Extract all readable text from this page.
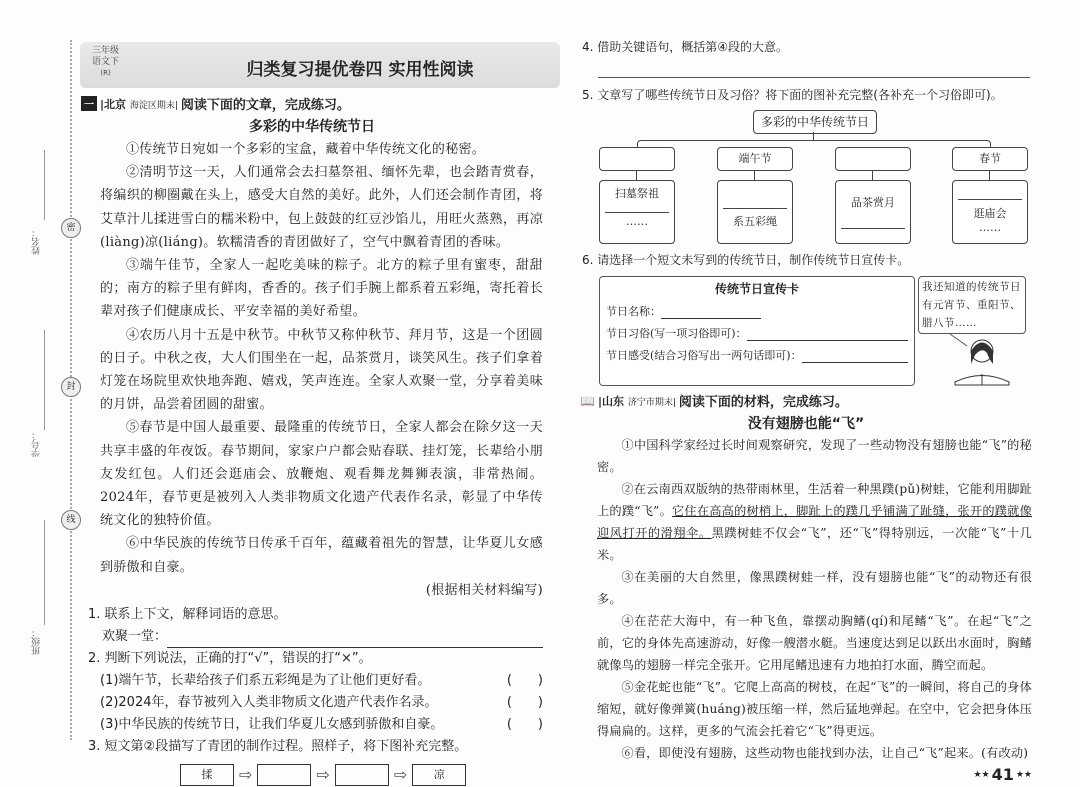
密
封
线
姓名：
学号：
班级：
三年级
语文下
(R)	归类复习提优卷四 实用性阅读
一 |北京 海淀区期末| 阅读下面的文章，完成练习。
多彩的中华传统节日

①传统节日宛如一个多彩的宝盒，藏着中华传统文化的秘密。

②清明节这一天，人们通常会去扫墓祭祖、缅怀先辈，也会踏青赏春，将编织的柳圈戴在头上，感受大自然的美好。此外，人们还会制作青团，将艾草汁儿揉进雪白的糯米粉中，包上鼓鼓的红豆沙馅儿，用旺火蒸熟，再凉(liàng)凉(liáng)。软糯清香的青团做好了，空气中飘着青团的香味。

③端午佳节，全家人一起吃美味的粽子。北方的粽子里有蜜枣，甜甜的；南方的粽子里有鲜肉，香香的。孩子们手腕上都系着五彩绳，寄托着长辈对孩子们健康成长、平安幸福的美好希望。

④农历八月十五是中秋节。中秋节又称仲秋节、拜月节，这是一个团圆的日子。中秋之夜，大人们围坐在一起，品茶赏月，谈笑风生。孩子们拿着灯笼在场院里欢快地奔跑、嬉戏，笑声连连。全家人欢聚一堂，分享着美味的月饼，品尝着团圆的甜蜜。

⑤春节是中国人最重要、最隆重的传统节日，全家人都会在除夕这一天共享丰盛的年夜饭。春节期间，家家户户都会贴春联、挂灯笼，长辈给小朋友发红包。人们还会逛庙会、放鞭炮、观看舞龙舞狮表演，非常热闹。2024年，春节更是被列入人类非物质文化遗产代表作名录，彰显了中华传统文化的独特价值。

⑥中华民族的传统节日传承千百年，蕴藏着祖先的智慧，让华夏儿女感到骄傲和自豪。

(根据相关材料编写)
1. 联系上下文，解释词语的意思。
欢聚一堂：
2. 判断下列说法，正确的打“√”，错误的打“×”。
(1)端午节，长辈给孩子们系五彩绳是为了让他们更好看。	(　　)
(2)2024年，春节被列入人类非物质文化遗产代表作名录。	(　　)
(3)中华民族的传统节日，让我们华夏儿女感到骄傲和自豪。	(　　)
3. 短文第②段描写了青团的制作过程。照样子，将下图补充完整。
揉 ⇨	⇨	⇨ 凉
4. 借助关键语句，概括第④段的大意。
5. 文章写了哪些传统节日及习俗？将下面的图补充完整(各补充一个习俗即可)。
多彩的中华传统节日
端午节	春节
扫墓祭祖
……	系五彩绳
品茶赏月
逛庙会
……
6. 请选择一个短文未写到的传统节日，制作传统节日宣传卡。
传统节日宣传卡
节日名称：
节日习俗(写一项习俗即可)：
节日感受(结合习俗写出一两句话即可)：
我还知道的传统节日有元宵节、重阳节、腊八节……
📖 |山东 济宁市期末| 阅读下面的材料，完成练习。
没有翅膀也能“飞”

①中国科学家经过长时间观察研究，发现了一些动物没有翅膀也能“飞”的秘密。

②在云南西双版纳的热带雨林里，生活着一种黑蹼(pǔ)树蛙，它能利用脚趾上的蹼“飞”。它住在高高的树梢上，脚趾上的蹼几乎铺满了趾缝，张开的蹼就像迎风打开的滑翔伞。黑蹼树蛙不仅会“飞”，还“飞”得特别远，一次能“飞”十几米。

③在美丽的大自然里，像黑蹼树蛙一样，没有翅膀也能“飞”的动物还有很多。

④在茫茫大海中，有一种飞鱼，靠摆动胸鳍(qí)和尾鳍“飞”。在起“飞”之前，它的身体先高速游动，好像一艘潜水艇。当速度达到足以跃出水面时，胸鳍就像鸟的翅膀一样完全张开。它用尾鳍迅速有力地拍打水面，腾空而起。

⑤金花蛇也能“飞”。它爬上高高的树枝，在起“飞”的一瞬间，将自己的身体缩短，就好像弹簧(huáng)被压缩一样，然后猛地弹起。在空中，它会把身体压得扁扁的。这样，更多的气流会托着它“飞”得更远。

⑥看，即使没有翅膀，这些动物也能找到办法，让自己“飞”起来。(有改动)

★★ 41 ★★
